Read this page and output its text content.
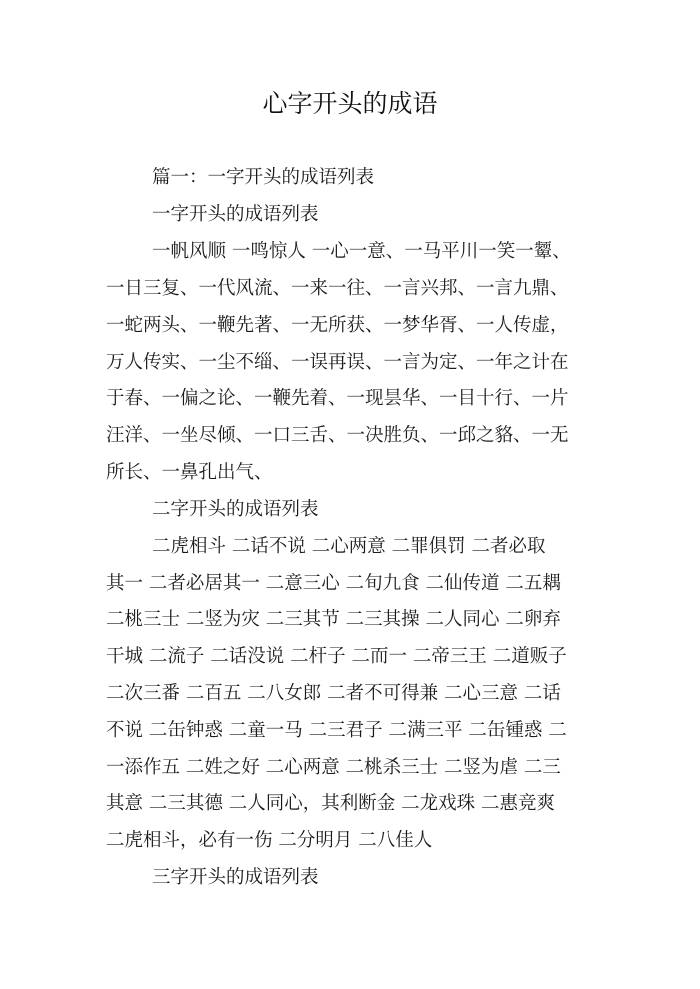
心字开头的成语
篇一：一字开头的成语列表
一字开头的成语列表
一帆风顺 一鸣惊人 一心一意、一马平川一笑一颦、
一日三复、一代风流、一来一往、一言兴邦、一言九鼎、
一蛇两头、一鞭先著、一无所获、一梦华胥、一人传虚，
万人传实、一尘不缁、一误再误、一言为定、一年之计在
于春、一偏之论、一鞭先着、一现昙华、一目十行、一片
汪洋、一坐尽倾、一口三舌、一决胜负、一邱之貉、一无
所长、一鼻孔出气、
二字开头的成语列表
二虎相斗 二话不说 二心两意 二罪俱罚 二者必取
其一 二者必居其一 二意三心 二旬九食 二仙传道 二五耦
二桃三士 二竖为灾 二三其节 二三其操 二人同心 二卵弃
干城 二流子 二话没说 二杆子 二而一 二帝三王 二道贩子
二次三番 二百五 二八女郎 二者不可得兼 二心三意 二话
不说 二缶钟惑 二童一马 二三君子 二满三平 二缶锺惑 二
一添作五 二姓之好 二心两意 二桃杀三士 二竖为虐 二三
其意 二三其德 二人同心，其利断金 二龙戏珠 二惠竞爽
二虎相斗，必有一伤 二分明月 二八佳人
三字开头的成语列表
